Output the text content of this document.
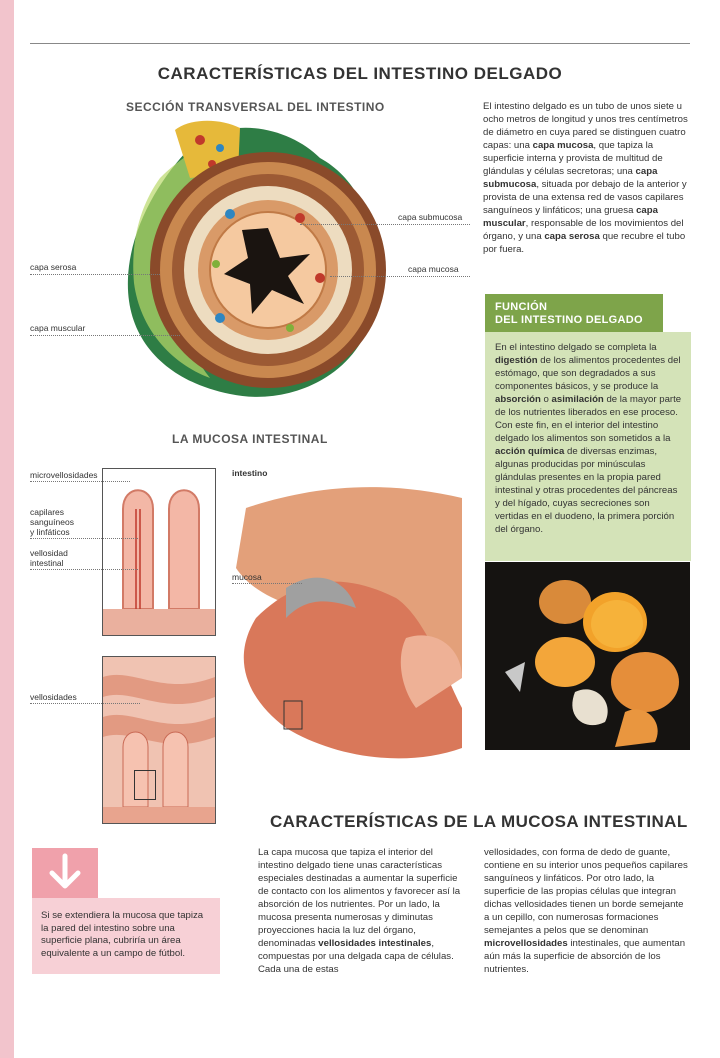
CARACTERÍSTICAS DEL INTESTINO DELGADO
SECCIÓN TRANSVERSAL DEL INTESTINO	El intestino delgado es un tubo de unos siete u ocho metros de longitud y unos tres centímetros de diámetro en cuya pared se distinguen cuatro capas: una capa mucosa, que tapiza la superficie interna y provista de multitud de glándulas y células secretoras; una capa submucosa, situada por debajo de la anterior y provista de una extensa red de vasos capilares sanguíneos y linfáticos; una gruesa capa muscular, responsable de los movimientos del órgano, y una capa serosa que recubre el tubo por fuera.
capa submucosa
capa mucosa
capa serosa
capa muscular
FUNCIÓN
DEL INTESTINO DELGADO

En el intestino delgado se completa la digestión de los alimentos procedentes del estómago, que son degradados a sus componentes básicos, y se produce la absorción o asimilación de la mayor parte de los nutrientes liberados en ese proceso. Con este fin, en el interior del intestino delgado los alimentos son sometidos a la acción química de diversas enzimas, algunas producidas por minúsculas glándulas presentes en la propia pared intestinal y otras procedentes del páncreas y del hígado, cuyas secreciones son vertidas en el duodeno, la primera porción del órgano.

LA MUCOSA INTESTINAL
intestino
mucosa
microvellosidades
capilares
sanguíneos
y linfáticos
vellosidad
intestinal
vellosidades
CARACTERÍSTICAS DE LA MUCOSA INTESTINAL
La capa mucosa que tapiza el interior del intestino delgado tiene unas características especiales destinadas a aumentar la superficie de contacto con los alimentos y favorecer así la absorción de los nutrientes. Por un lado, la mucosa presenta numerosas y diminutas proyecciones hacia la luz del órgano, denominadas vellosidades intestinales, compuestas por una delgada capa de células. Cada una de estas
vellosidades, con forma de dedo de guante, contiene en su interior unos pequeños capilares sanguíneos y linfáticos. Por otro lado, la superficie de las propias células que integran dichas vellosidades tienen un borde semejante a un cepillo, con numerosas formaciones semejantes a pelos que se denominan microvellosidades intestinales, que aumentan aún más la superficie de absorción de los nutrientes.

Si se extendiera la mucosa que tapiza la pared del intestino sobre una superficie plana, cubriría un área equivalente a un campo de fútbol.
